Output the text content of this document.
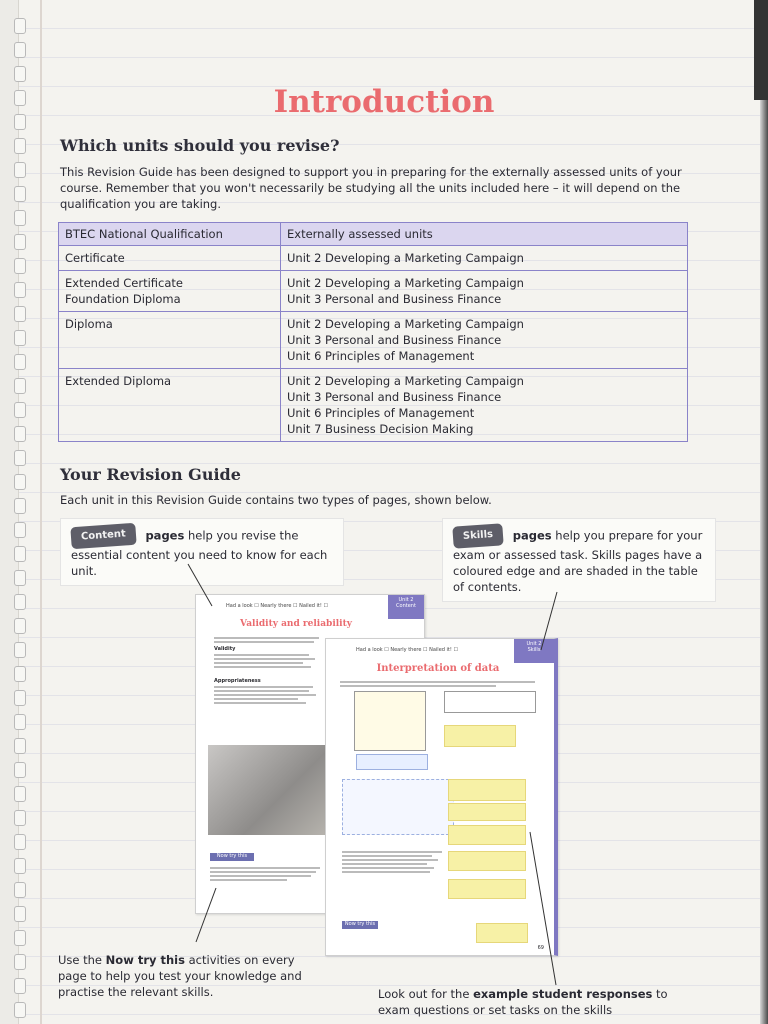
Introduction
Which units should you revise?
This Revision Guide has been designed to support you in preparing for the externally assessed units of your course. Remember that you won't necessarily be studying all the units included here – it will depend on the qualification you are taking.
BTEC National Qualification	Externally assessed units

Certificate	Unit 2 Developing a Marketing Campaign

Extended Certificate
Foundation Diploma	Unit 2 Developing a Marketing Campaign
Unit 3 Personal and Business Finance

Diploma	Unit 2 Developing a Marketing Campaign
Unit 3 Personal and Business Finance
Unit 6 Principles of Management

Extended Diploma	Unit 2 Developing a Marketing Campaign
Unit 3 Personal and Business Finance
Unit 6 Principles of Management
Unit 7 Business Decision Making
Your Revision Guide
Each unit in this Revision Guide contains two types of pages, shown below.
Content pages help you revise the essential content you need to know for each unit.
Skills pages help you prepare for your exam or assessed task. Skills pages have a coloured edge and are shaded in the table of contents.
Unit 2
Content
Had a look ☐ Nearly there ☐ Nailed it! ☐
Validity and reliability
Validity
Appropriateness
Now try this
Unit 2
Skills
Had a look ☐ Nearly there ☐ Nailed it! ☐
Interpretation of data
Now try this
69
Use the Now try this activities on every page to help you test your knowledge and practise the relevant skills.	Look out for the example student responses to exam questions or set tasks on the skills
